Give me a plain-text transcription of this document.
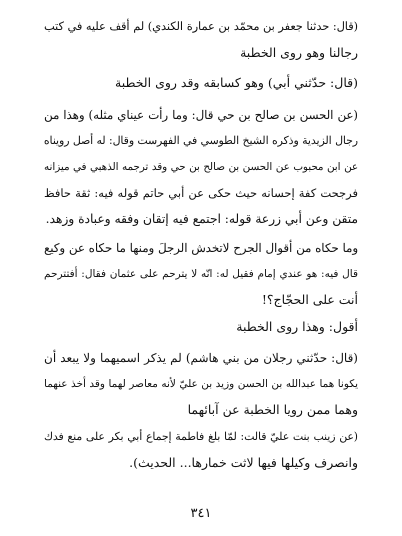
(قال: حدثنا جعفر بن محمّد بن عمارة الكندي) لم أقف عليه في كتب
رجالنا وهو روى الخطبة
(قال: حدّثني أبي) وهو كسابقه وقد روى الخطبة
(عن الحسن بن صالح بن حي قال: وما رأت عيناي مثله) وهذا من
رجال الزيدية وذكره الشيخ الطوسي في الفهرست وقال: له أصل رويناه
عن ابن محبوب عن الحسن بن صالح بن حي وقد ترجمه الذهبي في ميزانه
فرجحت كفة إحسانه حيث حكى عن أبي حاتم قوله فيه: ثقة حافظ
متقن وعن أبي زرعة قوله: اجتمع فيه إتقان وفقه وعبادة وزهد.
وما حكاه من أقوال الجرح لاتخدش الرجلَ ومنها ما حكاه عن وكيع
قال فيه: هو عندي إمام فقيل له: انّه لا يترحم على عثمان فقال: أفتترحم
أنت على الحجّاج؟!
أقول: وهذا روى الخطبة
(قال: حدّثني رجلان من بني هاشم) لم يذكر اسميهما ولا يبعد أن
يكونا هما عبدالله بن الحسن وزيد بن عليّ لأنه معاصر لهما وقد أخذ عنهما
وهما ممن رويا الخطبة عن آبائهما
(عن زينب بنت عليّ قالت: لمّا بلغ فاطمة إجماع أبي بكر على منع فدك
وانصرف وكيلها فيها لاثت خمارها... الحديث).
٣٤١
